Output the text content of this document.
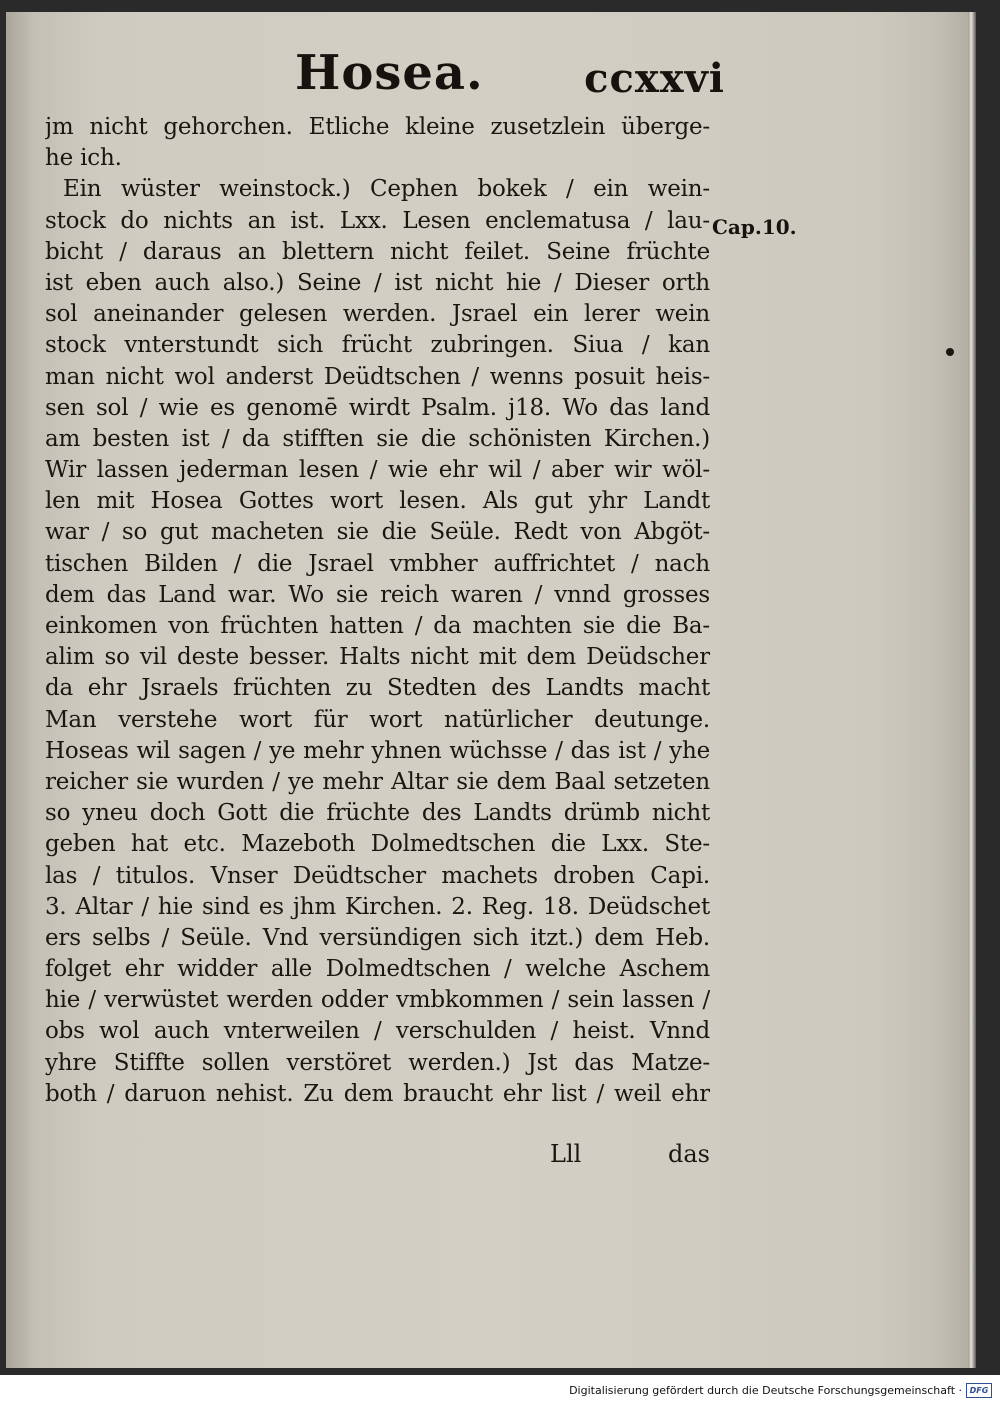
Hosea.	ccxxvi
Cap.10.
jm nicht gehorchen. Etliche kleine zusetzlein überge-
he ich.
Ein wüster weinstock.) Cephen bokek / ein wein-
stock do nichts an ist. Lxx. Lesen enclematusa / lau-
bicht / daraus an blettern nicht feilet. Seine früchte
ist eben auch also.) Seine / ist nicht hie / Dieser orth
sol aneinander gelesen werden. Jsrael ein lerer wein
stock vnterstundt sich frücht zubringen. Siua / kan
man nicht wol anderst Deüdtschen / wenns posuit heis-
sen sol / wie es genomē wirdt Psalm. j18. Wo das land
am besten ist / da stifften sie die schönisten Kirchen.)
Wir lassen jederman lesen / wie ehr wil / aber wir wöl-
len mit Hosea Gottes wort lesen. Als gut yhr Landt
war / so gut macheten sie die Seüle. Redt von Abgöt-
tischen Bilden / die Jsrael vmbher auffrichtet / nach
dem das Land war. Wo sie reich waren / vnnd grosses
einkomen von früchten hatten / da machten sie die Ba-
alim so vil deste besser. Halts nicht mit dem Deüdscher
da ehr Jsraels früchten zu Stedten des Landts macht
Man verstehe wort für wort natürlicher deutunge.
Hoseas wil sagen / ye mehr yhnen wüchsse / das ist / yhe
reicher sie wurden / ye mehr Altar sie dem Baal setzeten
so yneu doch Gott die früchte des Landts drümb nicht
geben hat etc. Mazeboth Dolmedtschen die Lxx. Ste-
las / titulos. Vnser Deüdtscher machets droben Capi.
3. Altar / hie sind es jhm Kirchen. 2. Reg. 18. Deüdschet
ers selbs / Seüle. Vnd versündigen sich itzt.) dem Heb.
folget ehr widder alle Dolmedtschen / welche Aschem
hie / verwüstet werden odder vmbkommen / sein lassen /
obs wol auch vnterweilen / verschulden / heist. Vnnd
yhre Stiffte sollen verstöret werden.) Jst das Matze-
both / daruon nehist. Zu dem braucht ehr list / weil ehr
Lll	das
Digitalisierung gefördert durch die Deutsche Forschungsgemeinschaft · DFG
